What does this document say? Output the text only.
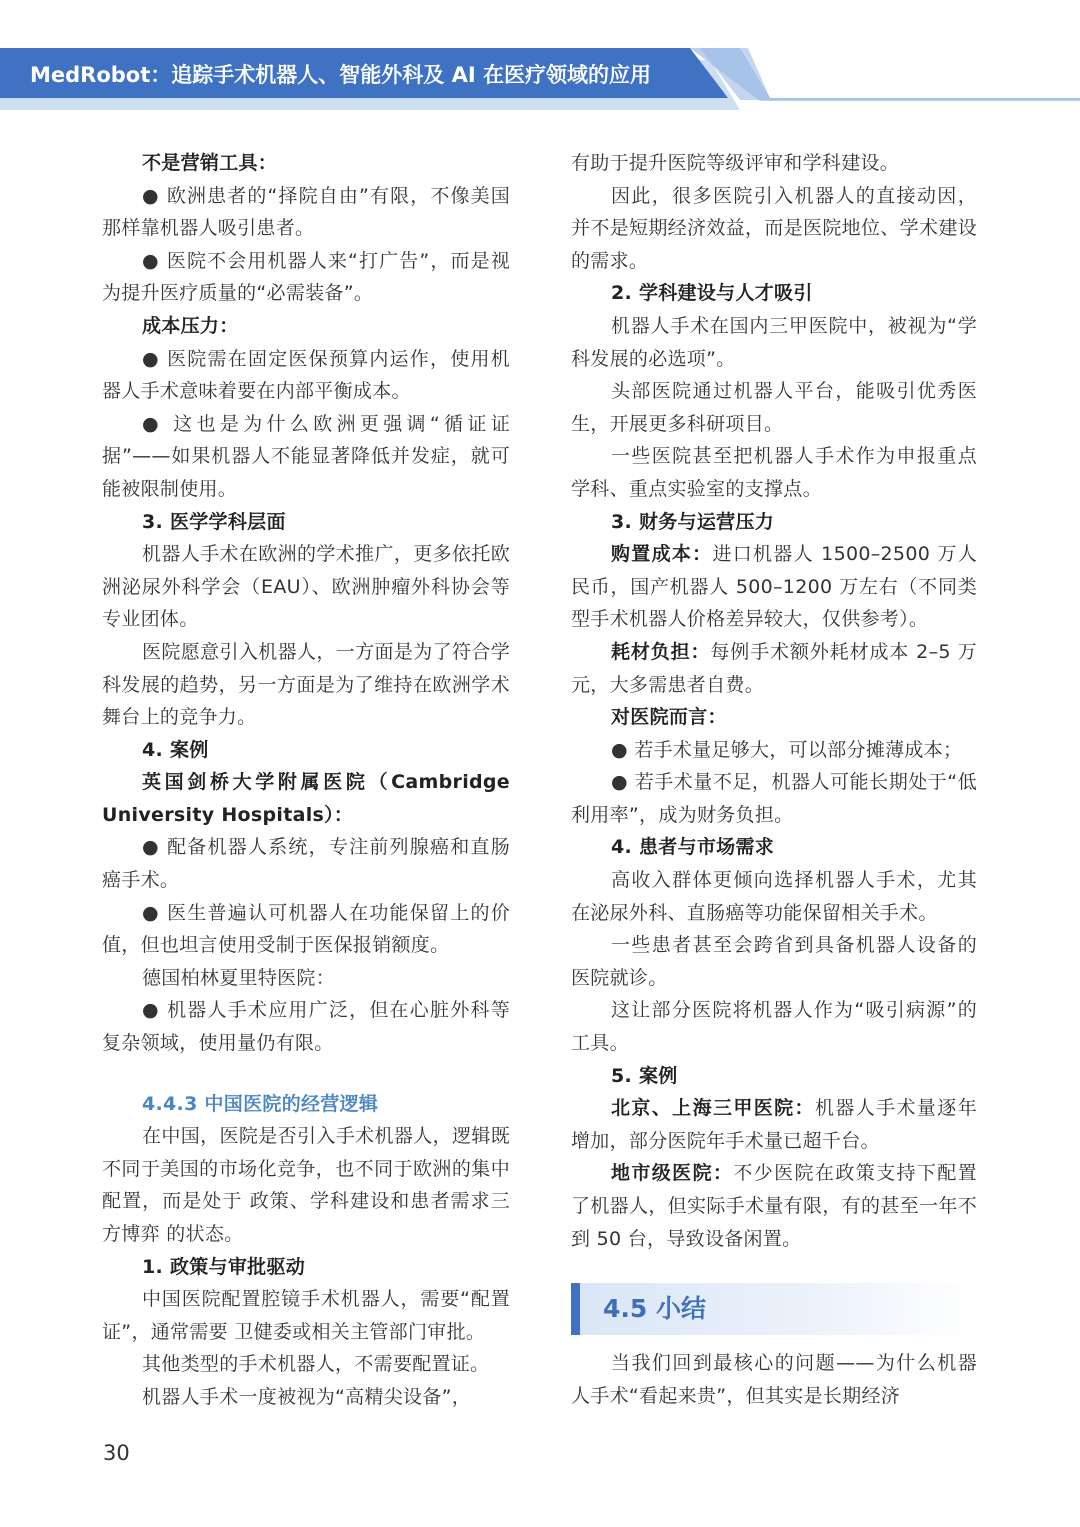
MedRobot：追踪手术机器人、智能外科及 AI 在医疗领域的应用

不是营销工具：

● 欧洲患者的“择院自由”有限，不像美国那样靠机器人吸引患者。

● 医院不会用机器人来“打广告”，而是视为提升医疗质量的“必需装备”。

成本压力：

● 医院需在固定医保预算内运作，使用机器人手术意味着要在内部平衡成本。

● 这也是为什么欧洲更强调“循证证据”——如果机器人不能显著降低并发症，就可能被限制使用。

3. 医学学科层面

机器人手术在欧洲的学术推广，更多依托欧洲泌尿外科学会（EAU）、欧洲肿瘤外科协会等专业团体。

医院愿意引入机器人，一方面是为了符合学科发展的趋势，另一方面是为了维持在欧洲学术舞台上的竞争力。

4. 案例

英国剑桥大学附属医院（Cambridge University Hospitals）：

● 配备机器人系统，专注前列腺癌和直肠癌手术。

● 医生普遍认可机器人在功能保留上的价值，但也坦言使用受制于医保报销额度。

德国柏林夏里特医院：

● 机器人手术应用广泛，但在心脏外科等复杂领域，使用量仍有限。

4.4.3 中国医院的经营逻辑

在中国，医院是否引入手术机器人，逻辑既不同于美国的市场化竞争，也不同于欧洲的集中配置，而是处于 政策、学科建设和患者需求三方博弈 的状态。

1. 政策与审批驱动

中国医院配置腔镜手术机器人，需要“配置证”，通常需要 卫健委或相关主管部门审批。

其他类型的手术机器人，不需要配置证。

机器人手术一度被视为“高精尖设备”，

有助于提升医院等级评审和学科建设。

因此，很多医院引入机器人的直接动因，并不是短期经济效益，而是医院地位、学术建设的需求。

2. 学科建设与人才吸引

机器人手术在国内三甲医院中，被视为“学科发展的必选项”。

头部医院通过机器人平台，能吸引优秀医生，开展更多科研项目。

一些医院甚至把机器人手术作为申报重点学科、重点实验室的支撑点。

3. 财务与运营压力

购置成本：进口机器人 1500–2500 万人民币，国产机器人 500–1200 万左右（不同类型手术机器人价格差异较大，仅供参考）。

耗材负担：每例手术额外耗材成本 2–5 万元，大多需患者自费。

对医院而言：

● 若手术量足够大，可以部分摊薄成本；

● 若手术量不足，机器人可能长期处于“低利用率”，成为财务负担。

4. 患者与市场需求

高收入群体更倾向选择机器人手术，尤其在泌尿外科、直肠癌等功能保留相关手术。

一些患者甚至会跨省到具备机器人设备的医院就诊。

这让部分医院将机器人作为“吸引病源”的工具。

5. 案例

北京、上海三甲医院：机器人手术量逐年增加，部分医院年手术量已超千台。

地市级医院：不少医院在政策支持下配置了机器人，但实际手术量有限，有的甚至一年不到 50 台，导致设备闲置。

4.5 小结

当我们回到最核心的问题——为什么机器人手术“看起来贵”，但其实是长期经济

30
